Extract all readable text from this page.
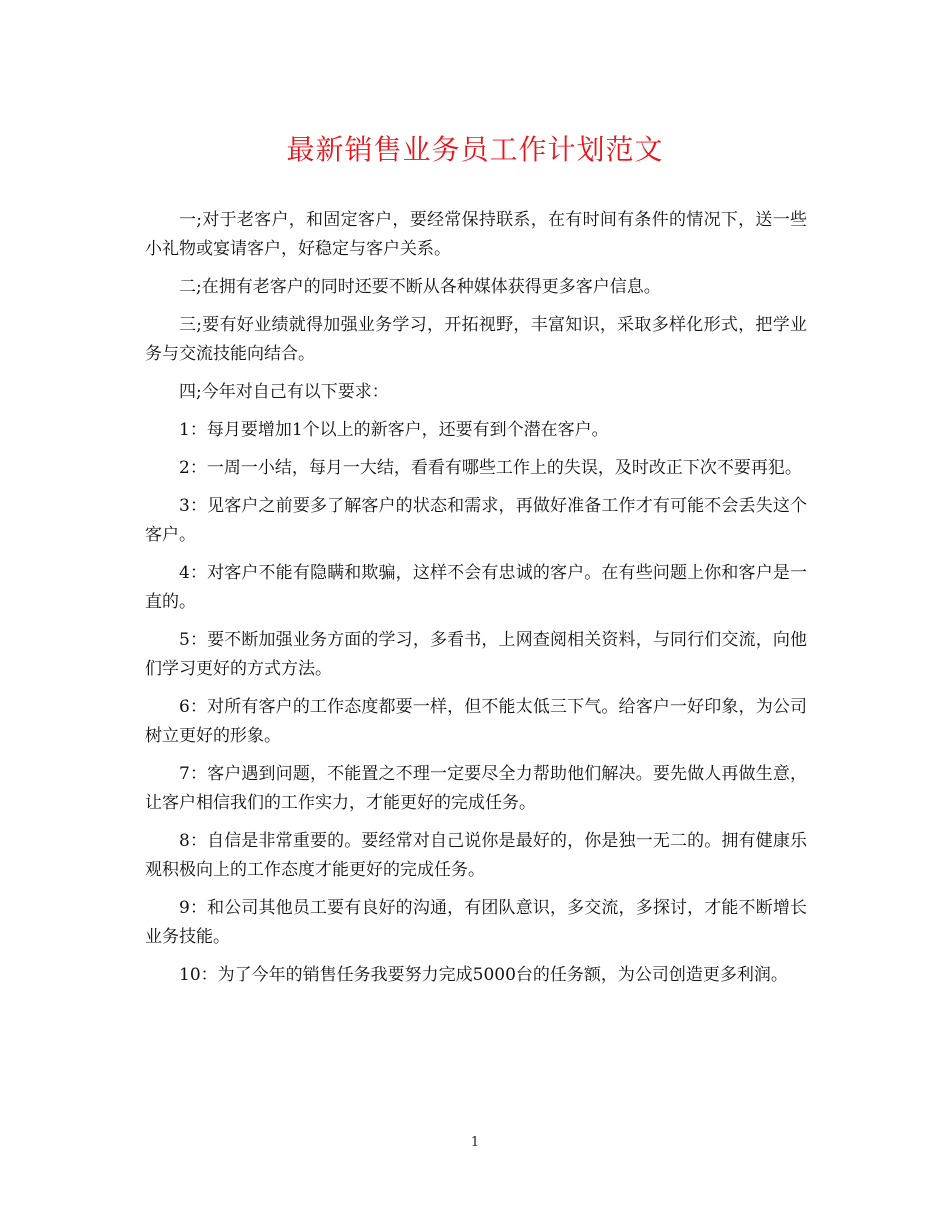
最新销售业务员工作计划范文

一;对于老客户，和固定客户，要经常保持联系，在有时间有条件的情况下，送一些小礼物或宴请客户，好稳定与客户关系。

二;在拥有老客户的同时还要不断从各种媒体获得更多客户信息。

三;要有好业绩就得加强业务学习，开拓视野，丰富知识，采取多样化形式，把学业务与交流技能向结合。

四;今年对自己有以下要求：

1：每月要增加1个以上的新客户，还要有到个潜在客户。

2：一周一小结，每月一大结，看看有哪些工作上的失误，及时改正下次不要再犯。

3：见客户之前要多了解客户的状态和需求，再做好准备工作才有可能不会丢失这个客户。

4：对客户不能有隐瞒和欺骗，这样不会有忠诚的客户。在有些问题上你和客户是一直的。

5：要不断加强业务方面的学习，多看书，上网查阅相关资料，与同行们交流，向他们学习更好的方式方法。

6：对所有客户的工作态度都要一样，但不能太低三下气。给客户一好印象，为公司树立更好的形象。

7：客户遇到问题，不能置之不理一定要尽全力帮助他们解决。要先做人再做生意，让客户相信我们的工作实力，才能更好的完成任务。

8：自信是非常重要的。要经常对自己说你是最好的，你是独一无二的。拥有健康乐观积极向上的工作态度才能更好的完成任务。

9：和公司其他员工要有良好的沟通，有团队意识，多交流，多探讨，才能不断增长业务技能。

10：为了今年的销售任务我要努力完成5000台的任务额，为公司创造更多利润。

1
